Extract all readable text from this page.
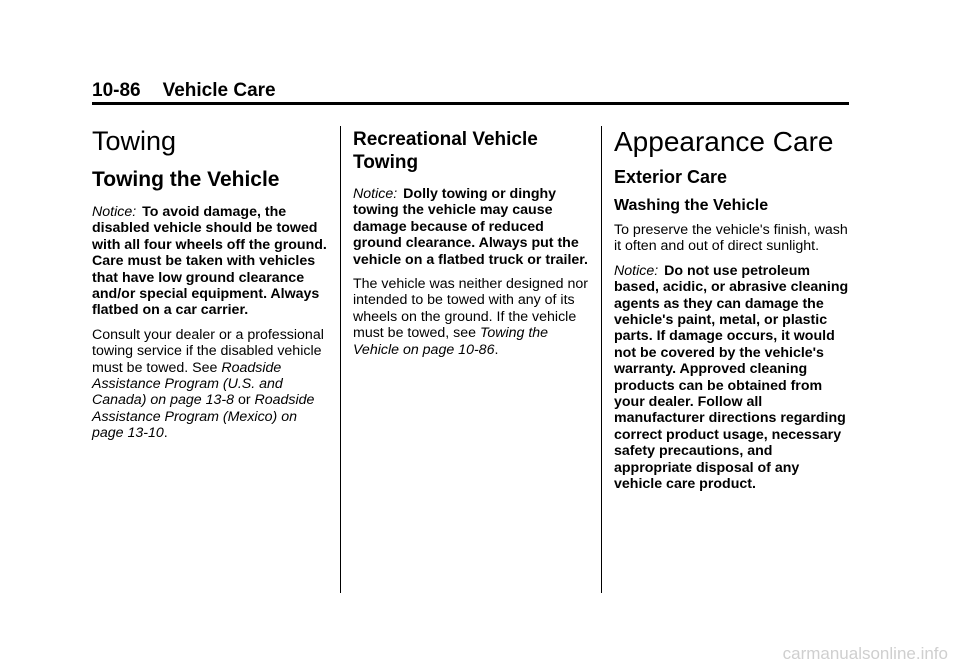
10-86 Vehicle Care
Towing
Towing the Vehicle

Notice: To avoid damage, the disabled vehicle should be towed with all four wheels off the ground. Care must be taken with vehicles that have low ground clearance and/or special equipment. Always flatbed on a car carrier.

Consult your dealer or a professional towing service if the disabled vehicle must be towed. See Roadside Assistance Program (U.S. and Canada) on page 13-8 or Roadside Assistance Program (Mexico) on page 13-10.

Recreational Vehicle Towing

Notice: Dolly towing or dinghy towing the vehicle may cause damage because of reduced ground clearance. Always put the vehicle on a flatbed truck or trailer.

The vehicle was neither designed nor intended to be towed with any of its wheels on the ground. If the vehicle must be towed, see Towing the Vehicle on page 10-86.

Appearance Care
Exterior Care
Washing the Vehicle

To preserve the vehicle's finish, wash it often and out of direct sunlight.

Notice: Do not use petroleum based, acidic, or abrasive cleaning agents as they can damage the vehicle's paint, metal, or plastic parts. If damage occurs, it would not be covered by the vehicle's warranty. Approved cleaning products can be obtained from your dealer. Follow all manufacturer directions regarding correct product usage, necessary safety precautions, and appropriate disposal of any vehicle care product.

carmanualsonline.info
